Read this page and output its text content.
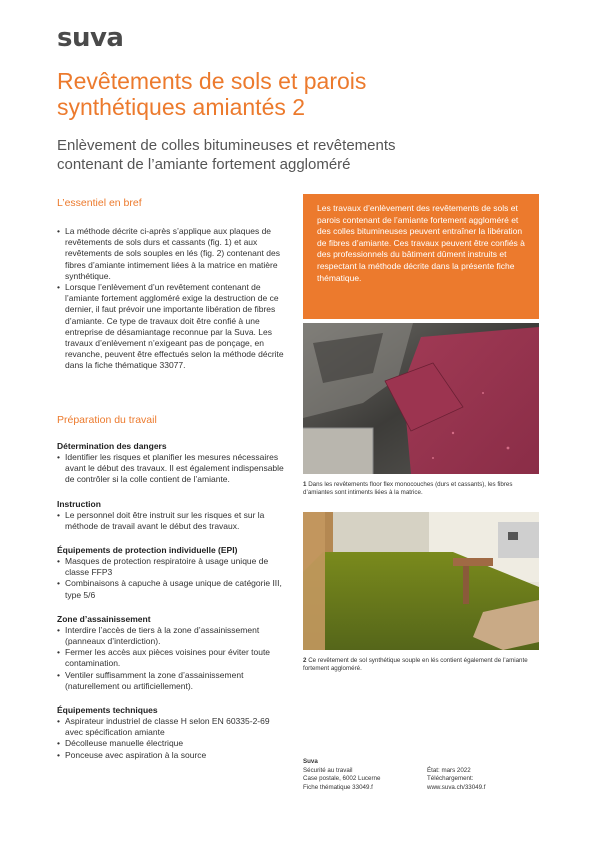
suva
Revêtements de sols et parois synthétiques amiantés 2

Enlèvement de colles bitumineuses et revêtements contenant de l’amiante fortement aggloméré

L’essentiel en bref
• La méthode décrite ci-après s’applique aux plaques de revêtements de sols durs et cassants (fig. 1) et aux revêtements de sols souples en lés (fig. 2) contenant des fibres d’amiante intimement liées à la matrice en matière synthétique.
• Lorsque l’enlèvement d’un revêtement contenant de l’amiante fortement aggloméré exige la destruction de ce dernier, il faut prévoir une importante libération de fibres d’amiante. Ce type de travaux doit être confié à une entreprise de désamiantage reconnue par la Suva. Les travaux d’enlèvement n’exigeant pas de ponçage, en revanche, peuvent être effectués selon la méthode décrite dans la fiche thématique 33077.
Préparation du travail
Détermination des dangers
• Identifier les risques et planifier les mesures nécessaires avant le début des travaux. Il est également indispensable de contrôler si la colle contient de l’amiante.
Instruction
• Le personnel doit être instruit sur les risques et sur la méthode de travail avant le début des travaux.
Équipements de protection individuelle (EPI)
• Masques de protection respiratoire à usage unique de classe FFP3
• Combinaisons à capuche à usage unique de catégorie III, type 5/6
Zone d’assainissement
• Interdire l’accès de tiers à la zone d’assainissement (panneaux d’interdiction).
• Fermer les accès aux pièces voisines pour éviter toute contamination.
• Ventiler suffisamment la zone d’assainissement (naturellement ou artificiellement).
Équipements techniques
• Aspirateur industriel de classe H selon EN 60335-2-69 avec spécification amiante
• Décolleuse manuelle électrique
• Ponceuse avec aspiration à la source
Les travaux d’enlèvement des revêtements de sols et parois contenant de l’amiante fortement aggloméré et des colles bitumineuses peuvent entraîner la libération de fibres d’amiante. Ces travaux peuvent être confiés à des professionnels du bâtiment dûment instruits et respectant la méthode décrite dans la présente fiche thématique.
1 Dans les revêtements floor flex monocouches (durs et cassants), les fibres d’amiantes sont intiments liées à la matrice.
2 Ce revêtement de sol synthétique souple en lés contient également de l’amiante fortement aggloméré.
Suva
Sécurité au travail
Case postale, 6002 Lucerne
Fiche thématique 33049.f

État: mars 2022
Téléchargement:
www.suva.ch/33049.f
